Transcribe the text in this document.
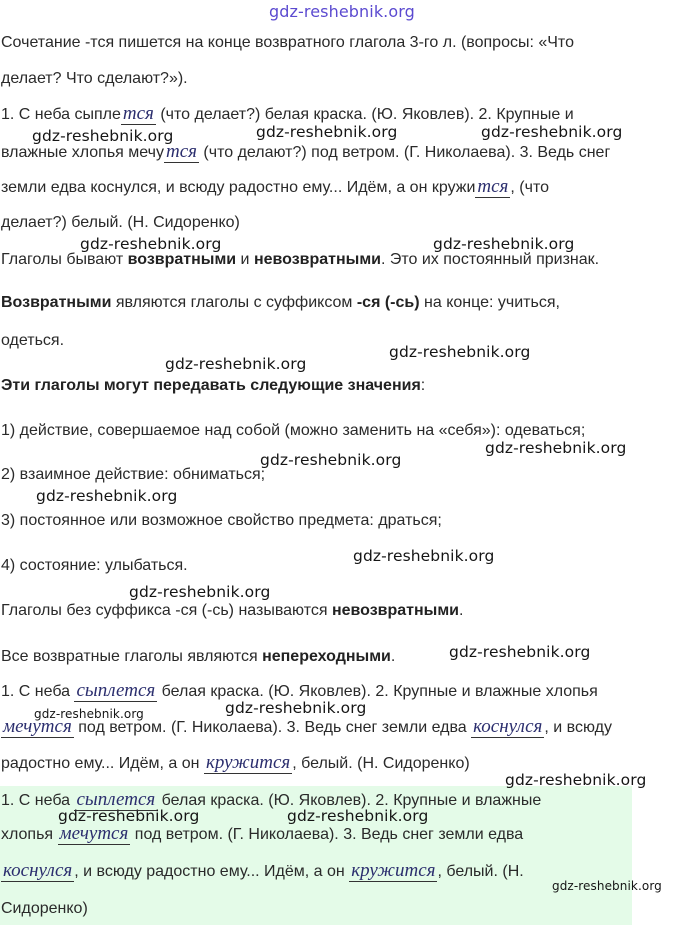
gdz-reshebnik.org
gdz-reshebnik.org	gdz-reshebnik.org	gdz-reshebnik.org
gdz-reshebnik.org	gdz-reshebnik.org
gdz-reshebnik.org
gdz-reshebnik.org
gdz-reshebnik.org
gdz-reshebnik.org
gdz-reshebnik.org
gdz-reshebnik.org
gdz-reshebnik.org
gdz-reshebnik.org
gdz-reshebnik.org	gdz-reshebnik.org
gdz-reshebnik.org
gdz-reshebnik.org	gdz-reshebnik.org
gdz-reshebnik.org
Сочетание -тся пишется на конце возвратного глагола 3-го л. (вопросы: «Что
делает? Что сделают?»).
1. С неба сыпле тся (что делает?) белая краска. (Ю. Яковлев). 2. Крупные и
влажные хлопья мечу тся (что делают?) под ветром. (Г. Николаева). 3. Ведь снег
земли едва коснулся, и всюду радостно ему... Идём, а он кружи тся , (что
делает?) белый. (Н. Сидоренко)
Глаголы бывают возвратными и невозвратными. Это их постоянный признак.
Возвратными являются глаголы с суффиксом -ся (-сь) на конце: учиться,
одеться.
Эти глаголы могут передавать следующие значения:
1) действие, совершаемое над собой (можно заменить на «себя»): одеваться;
2) взаимное действие: обниматься;
3) постоянное или возможное свойство предмета: драться;
4) состояние: улыбаться.
Глаголы без суффикса -ся (-сь) называются невозвратными.
Все возвратные глаголы являются непереходными.
1. С неба сыплется белая краска. (Ю. Яковлев). 2. Крупные и влажные хлопья
мечутся под ветром. (Г. Николаева). 3. Ведь снег земли едва коснулся , и всюду
радостно ему... Идём, а он кружится , белый. (Н. Сидоренко)
1. С неба сыплется белая краска. (Ю. Яковлев). 2. Крупные и влажные
хлопья мечутся под ветром. (Г. Николаева). 3. Ведь снег земли едва
коснулся , и всюду радостно ему... Идём, а он кружится , белый. (Н.
Сидоренко)
